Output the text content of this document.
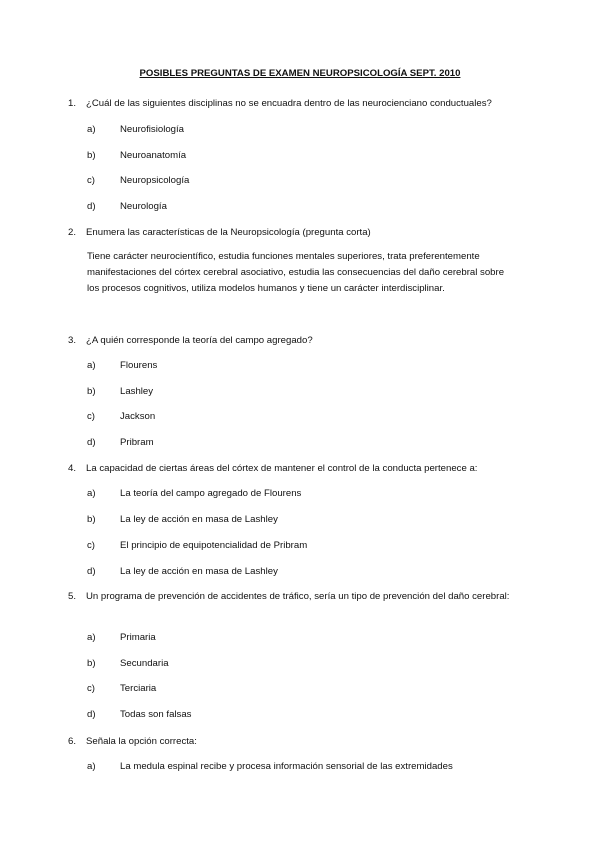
POSIBLES PREGUNTAS DE EXAMEN NEUROPSICOLOGÍA SEPT. 2010
1. ¿Cuál de las siguientes disciplinas no se encuadra dentro de las neurocienciano conductuales?
a)	Neurofisiología
b)	Neuroanatomía
c)	Neuropsicología
d)	Neurología
2. Enumera las características de la Neuropsicología (pregunta corta)
Tiene carácter neurocientífico, estudia funciones mentales superiores, trata preferentemente manifestaciones del córtex cerebral asociativo, estudia las consecuencias del daño cerebral sobre los procesos cognitivos, utiliza modelos humanos y tiene un carácter interdisciplinar.
3. ¿A quién corresponde la teoría del campo agregado?
a)	Flourens
b)	Lashley
c)	Jackson
d)	Pribram
4. La capacidad de ciertas áreas del córtex de mantener el control de la conducta pertenece a:
a)	La teoría del campo agregado de Flourens
b)	La ley de acción en masa de Lashley
c)	El principio de equipotencialidad de Pribram
d)	La ley de acción en masa de Lashley
5. Un programa de prevención de accidentes de tráfico, sería un tipo de prevención del daño cerebral:
a)	Primaria
b)	Secundaria
c)	Terciaria
d)	Todas son falsas
6. Señala la opción correcta:
a)	La medula espinal recibe y procesa información sensorial de las extremidades
